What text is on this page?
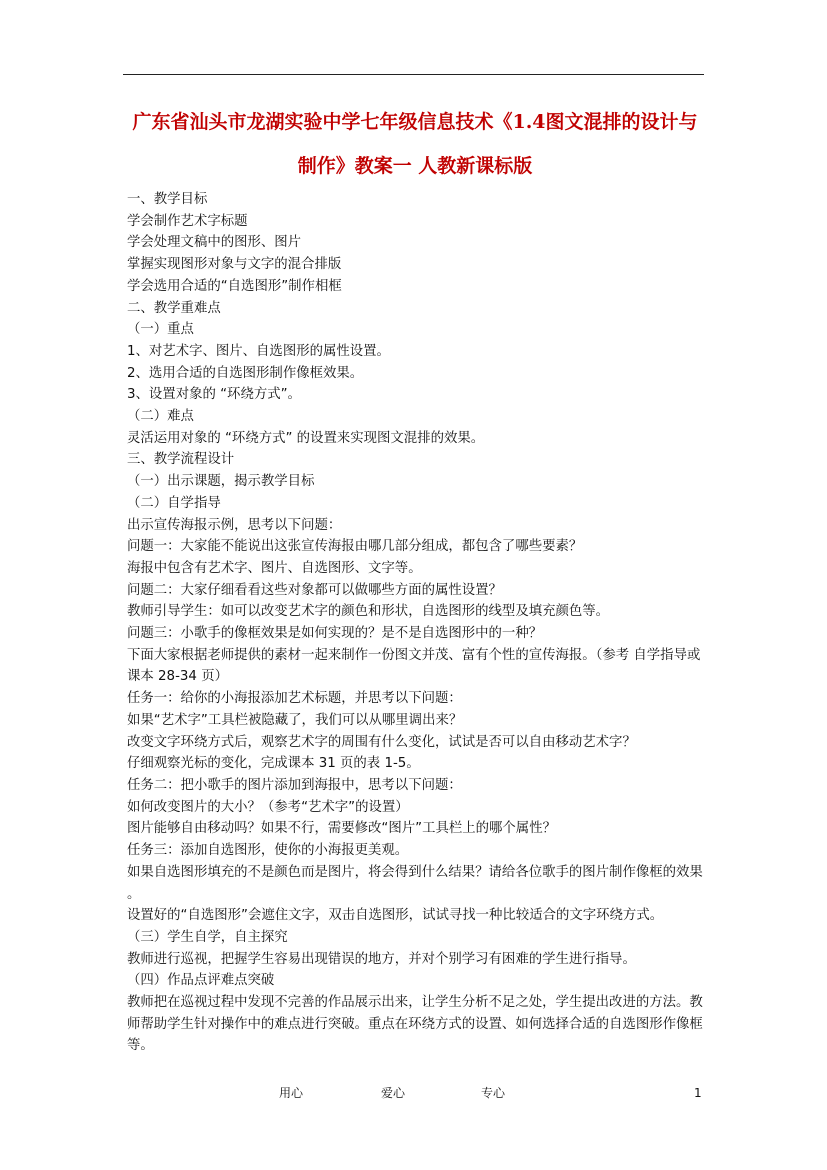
广东省汕头市龙湖实验中学七年级信息技术《1.4图文混排的设计与
制作》教案一 人教新课标版
一、教学目标
学会制作艺术字标题
学会处理文稿中的图形、图片
掌握实现图形对象与文字的混合排版
学会选用合适的“自选图形”制作相框
二、教学重难点
（一）重点
1、对艺术字、图片、自选图形的属性设置。
2、选用合适的自选图形制作像框效果。
3、设置对象的 “环绕方式”。
（二）难点
灵活运用对象的 “环绕方式” 的设置来实现图文混排的效果。
三、教学流程设计
（一）出示课题，揭示教学目标
（二）自学指导
出示宣传海报示例，思考以下问题：
问题一：大家能不能说出这张宣传海报由哪几部分组成，都包含了哪些要素？
海报中包含有艺术字、图片、自选图形、文字等。
问题二：大家仔细看看这些对象都可以做哪些方面的属性设置？
教师引导学生：如可以改变艺术字的颜色和形状，自选图形的线型及填充颜色等。
问题三：小歌手的像框效果是如何实现的？是不是自选图形中的一种？
下面大家根据老师提供的素材一起来制作一份图文并茂、富有个性的宣传海报。（参考 自学指导或课本 28-34 页）
任务一：给你的小海报添加艺术标题，并思考以下问题：
如果“艺术字”工具栏被隐藏了，我们可以从哪里调出来？
改变文字环绕方式后，观察艺术字的周围有什么变化，试试是否可以自由移动艺术字？
仔细观察光标的变化，完成课本 31 页的表 1-5。
任务二：把小歌手的图片添加到海报中，思考以下问题：
如何改变图片的大小？（参考“艺术字”的设置）
图片能够自由移动吗？如果不行，需要修改“图片”工具栏上的哪个属性？
任务三：添加自选图形，使你的小海报更美观。
如果自选图形填充的不是颜色而是图片，将会得到什么结果？请给各位歌手的图片制作像框的效果 。
设置好的“自选图形”会遮住文字，双击自选图形，试试寻找一种比较适合的文字环绕方式。
（三）学生自学，自主探究
教师进行巡视，把握学生容易出现错误的地方，并对个别学习有困难的学生进行指导。
（四）作品点评难点突破
教师把在巡视过程中发现不完善的作品展示出来，让学生分析不足之处，学生提出改进的方法。教师帮助学生针对操作中的难点进行突破。重点在环绕方式的设置、如何选择合适的自选图形作像框等。
用心	爱心	专心	1
